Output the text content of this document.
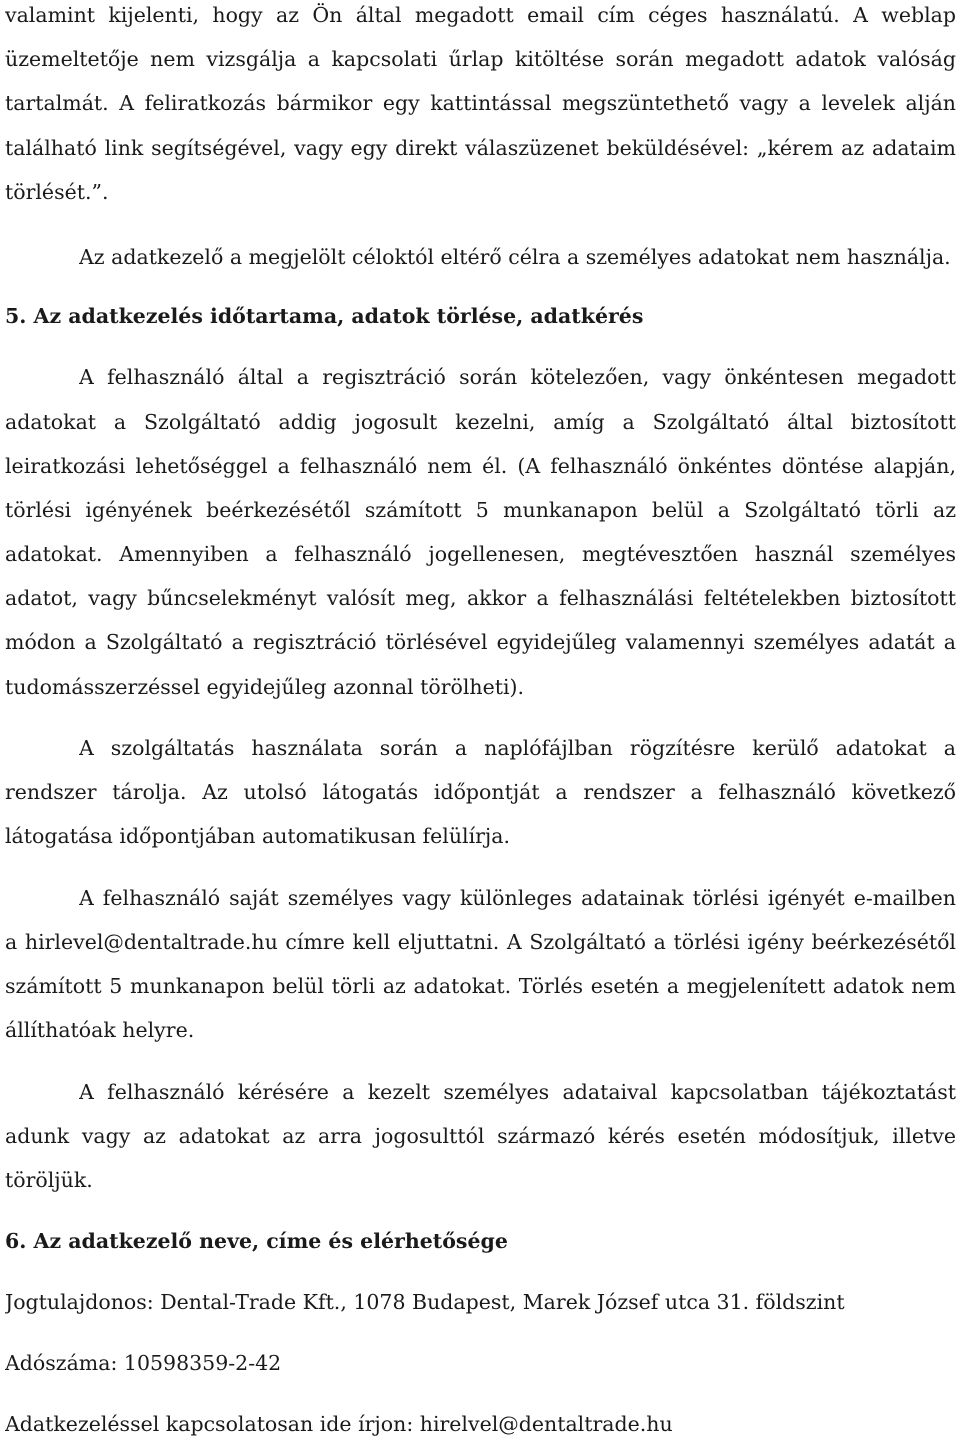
valamint kijelenti, hogy az Ön által megadott email cím céges használatú. A weblap
üzemeltetője nem vizsgálja a kapcsolati űrlap kitöltése során megadott adatok valóság
tartalmát. A feliratkozás bármikor egy kattintással megszüntethető vagy a levelek alján
található link segítségével, vagy egy direkt válaszüzenet beküldésével: „kérem az adataim
törlését.”.
Az adatkezelő a megjelölt céloktól eltérő célra a személyes adatokat nem használja.
5. Az adatkezelés időtartama, adatok törlése, adatkérés
A felhasználó által a regisztráció során kötelezően, vagy önkéntesen megadott
adatokat a Szolgáltató addig jogosult kezelni, amíg a Szolgáltató által biztosított
leiratkozási lehetőséggel a felhasználó nem él. (A felhasználó önkéntes döntése alapján,
törlési igényének beérkezésétől számított 5 munkanapon belül a Szolgáltató törli az
adatokat. Amennyiben a felhasználó jogellenesen, megtévesztően használ személyes
adatot, vagy bűncselekményt valósít meg, akkor a felhasználási feltételekben biztosított
módon a Szolgáltató a regisztráció törlésével egyidejűleg valamennyi személyes adatát a
tudomásszerzéssel egyidejűleg azonnal törölheti).
A szolgáltatás használata során a naplófájlban rögzítésre kerülő adatokat a
rendszer tárolja. Az utolsó látogatás időpontját a rendszer a felhasználó következő
látogatása időpontjában automatikusan felülírja.
A felhasználó saját személyes vagy különleges adatainak törlési igényét e-mailben
a hirlevel@dentaltrade.hu címre kell eljuttatni. A Szolgáltató a törlési igény beérkezésétől
számított 5 munkanapon belül törli az adatokat. Törlés esetén a megjelenített adatok nem
állíthatóak helyre.
A felhasználó kérésére a kezelt személyes adataival kapcsolatban tájékoztatást
adunk vagy az adatokat az arra jogosulttól származó kérés esetén módosítjuk, illetve
töröljük.
6. Az adatkezelő neve, címe és elérhetősége
Jogtulajdonos: Dental-Trade Kft., 1078 Budapest, Marek József utca 31. földszint
Adószáma: 10598359-2-42
Adatkezeléssel kapcsolatosan ide írjon: hirelvel@dentaltrade.hu
